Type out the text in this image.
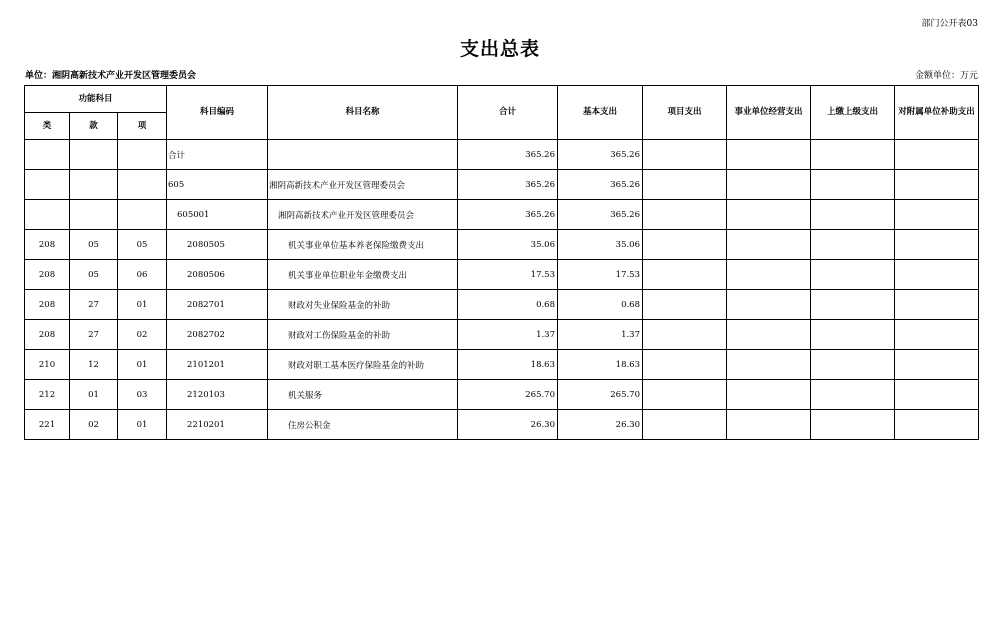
部门公开表03
支出总表
单位：湘阴高新技术产业开发区管理委员会	金额单位：万元
功能科目			科目编码	科目名称	合计	基本支出	项目支出	事业单位经营支出	上缴上级支出	对附属单位补助支出
类	款	项								
			合计		365.26	365.26				
			605	湘阴高新技术产业开发区管理委员会	365.26	365.26				
			605001	湘阴高新技术产业开发区管理委员会	365.26	365.26				
208	05	05	2080505	机关事业单位基本养老保险缴费支出	35.06	35.06				
208	05	06	2080506	机关事业单位职业年金缴费支出	17.53	17.53				
208	27	01	2082701	财政对失业保险基金的补助	0.68	0.68				
208	27	02	2082702	财政对工伤保险基金的补助	1.37	1.37				
210	12	01	2101201	财政对职工基本医疗保险基金的补助	18.63	18.63				
212	01	03	2120103	机关服务	265.70	265.70				
221	02	01	2210201	住房公积金	26.30	26.30				
